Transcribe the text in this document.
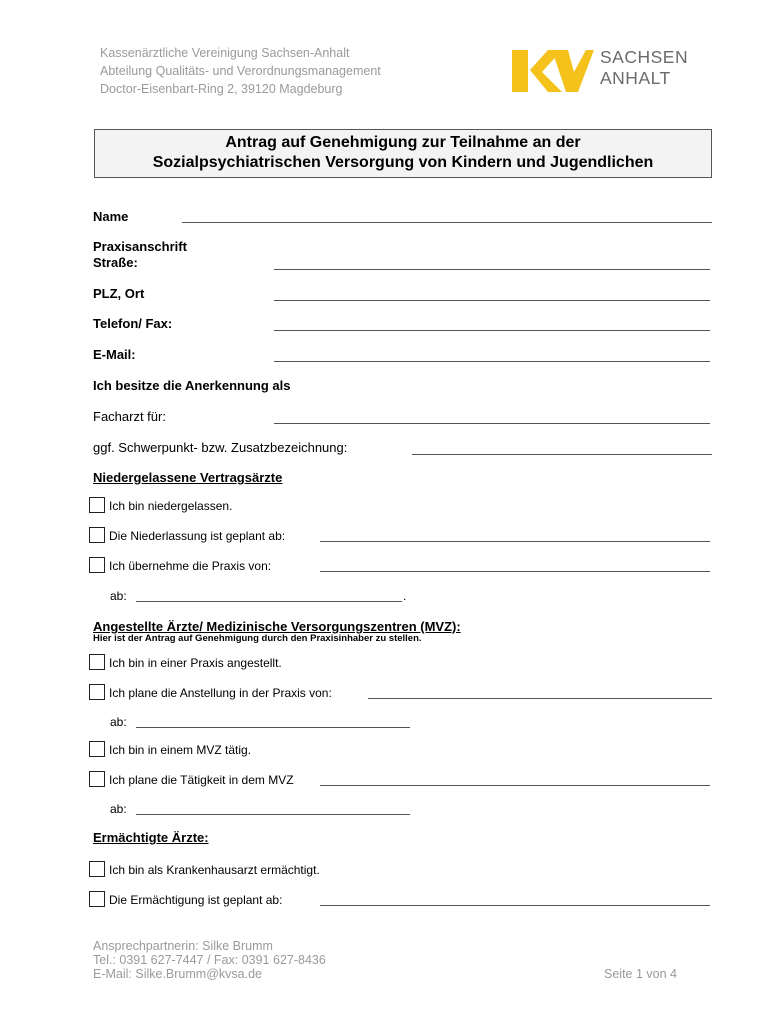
Kassenärztliche Vereinigung Sachsen-Anhalt
Abteilung Qualitäts- und Verordnungsmanagement
Doctor-Eisenbart-Ring 2, 39120 Magdeburg
SACHSEN
ANHALT
Antrag auf Genehmigung zur Teilnahme an der
Sozialpsychiatrischen Versorgung von Kindern und Jugendlichen
Name
Praxisanschrift
Straße:
PLZ, Ort
Telefon/ Fax:
E-Mail:
Ich besitze die Anerkennung als
Facharzt für:
ggf. Schwerpunkt- bzw. Zusatzbezeichnung:
Niedergelassene Vertragsärzte
Ich bin niedergelassen.
Die Niederlassung ist geplant ab:
Ich übernehme die Praxis von:
ab:	.
Angestellte Ärzte/ Medizinische Versorgungszentren (MVZ):
Hier ist der Antrag auf Genehmigung durch den Praxisinhaber zu stellen.
Ich bin in einer Praxis angestellt.
Ich plane die Anstellung in der Praxis von:
ab:
Ich bin in einem MVZ tätig.
Ich plane die Tätigkeit in dem MVZ
ab:
Ermächtigte Ärzte:
Ich bin als Krankenhausarzt ermächtigt.
Die Ermächtigung ist geplant ab:
Ansprechpartnerin: Silke Brumm
Tel.: 0391 627-7447 / Fax: 0391 627-8436
E-Mail: Silke.Brumm@kvsa.de	Seite 1 von 4
